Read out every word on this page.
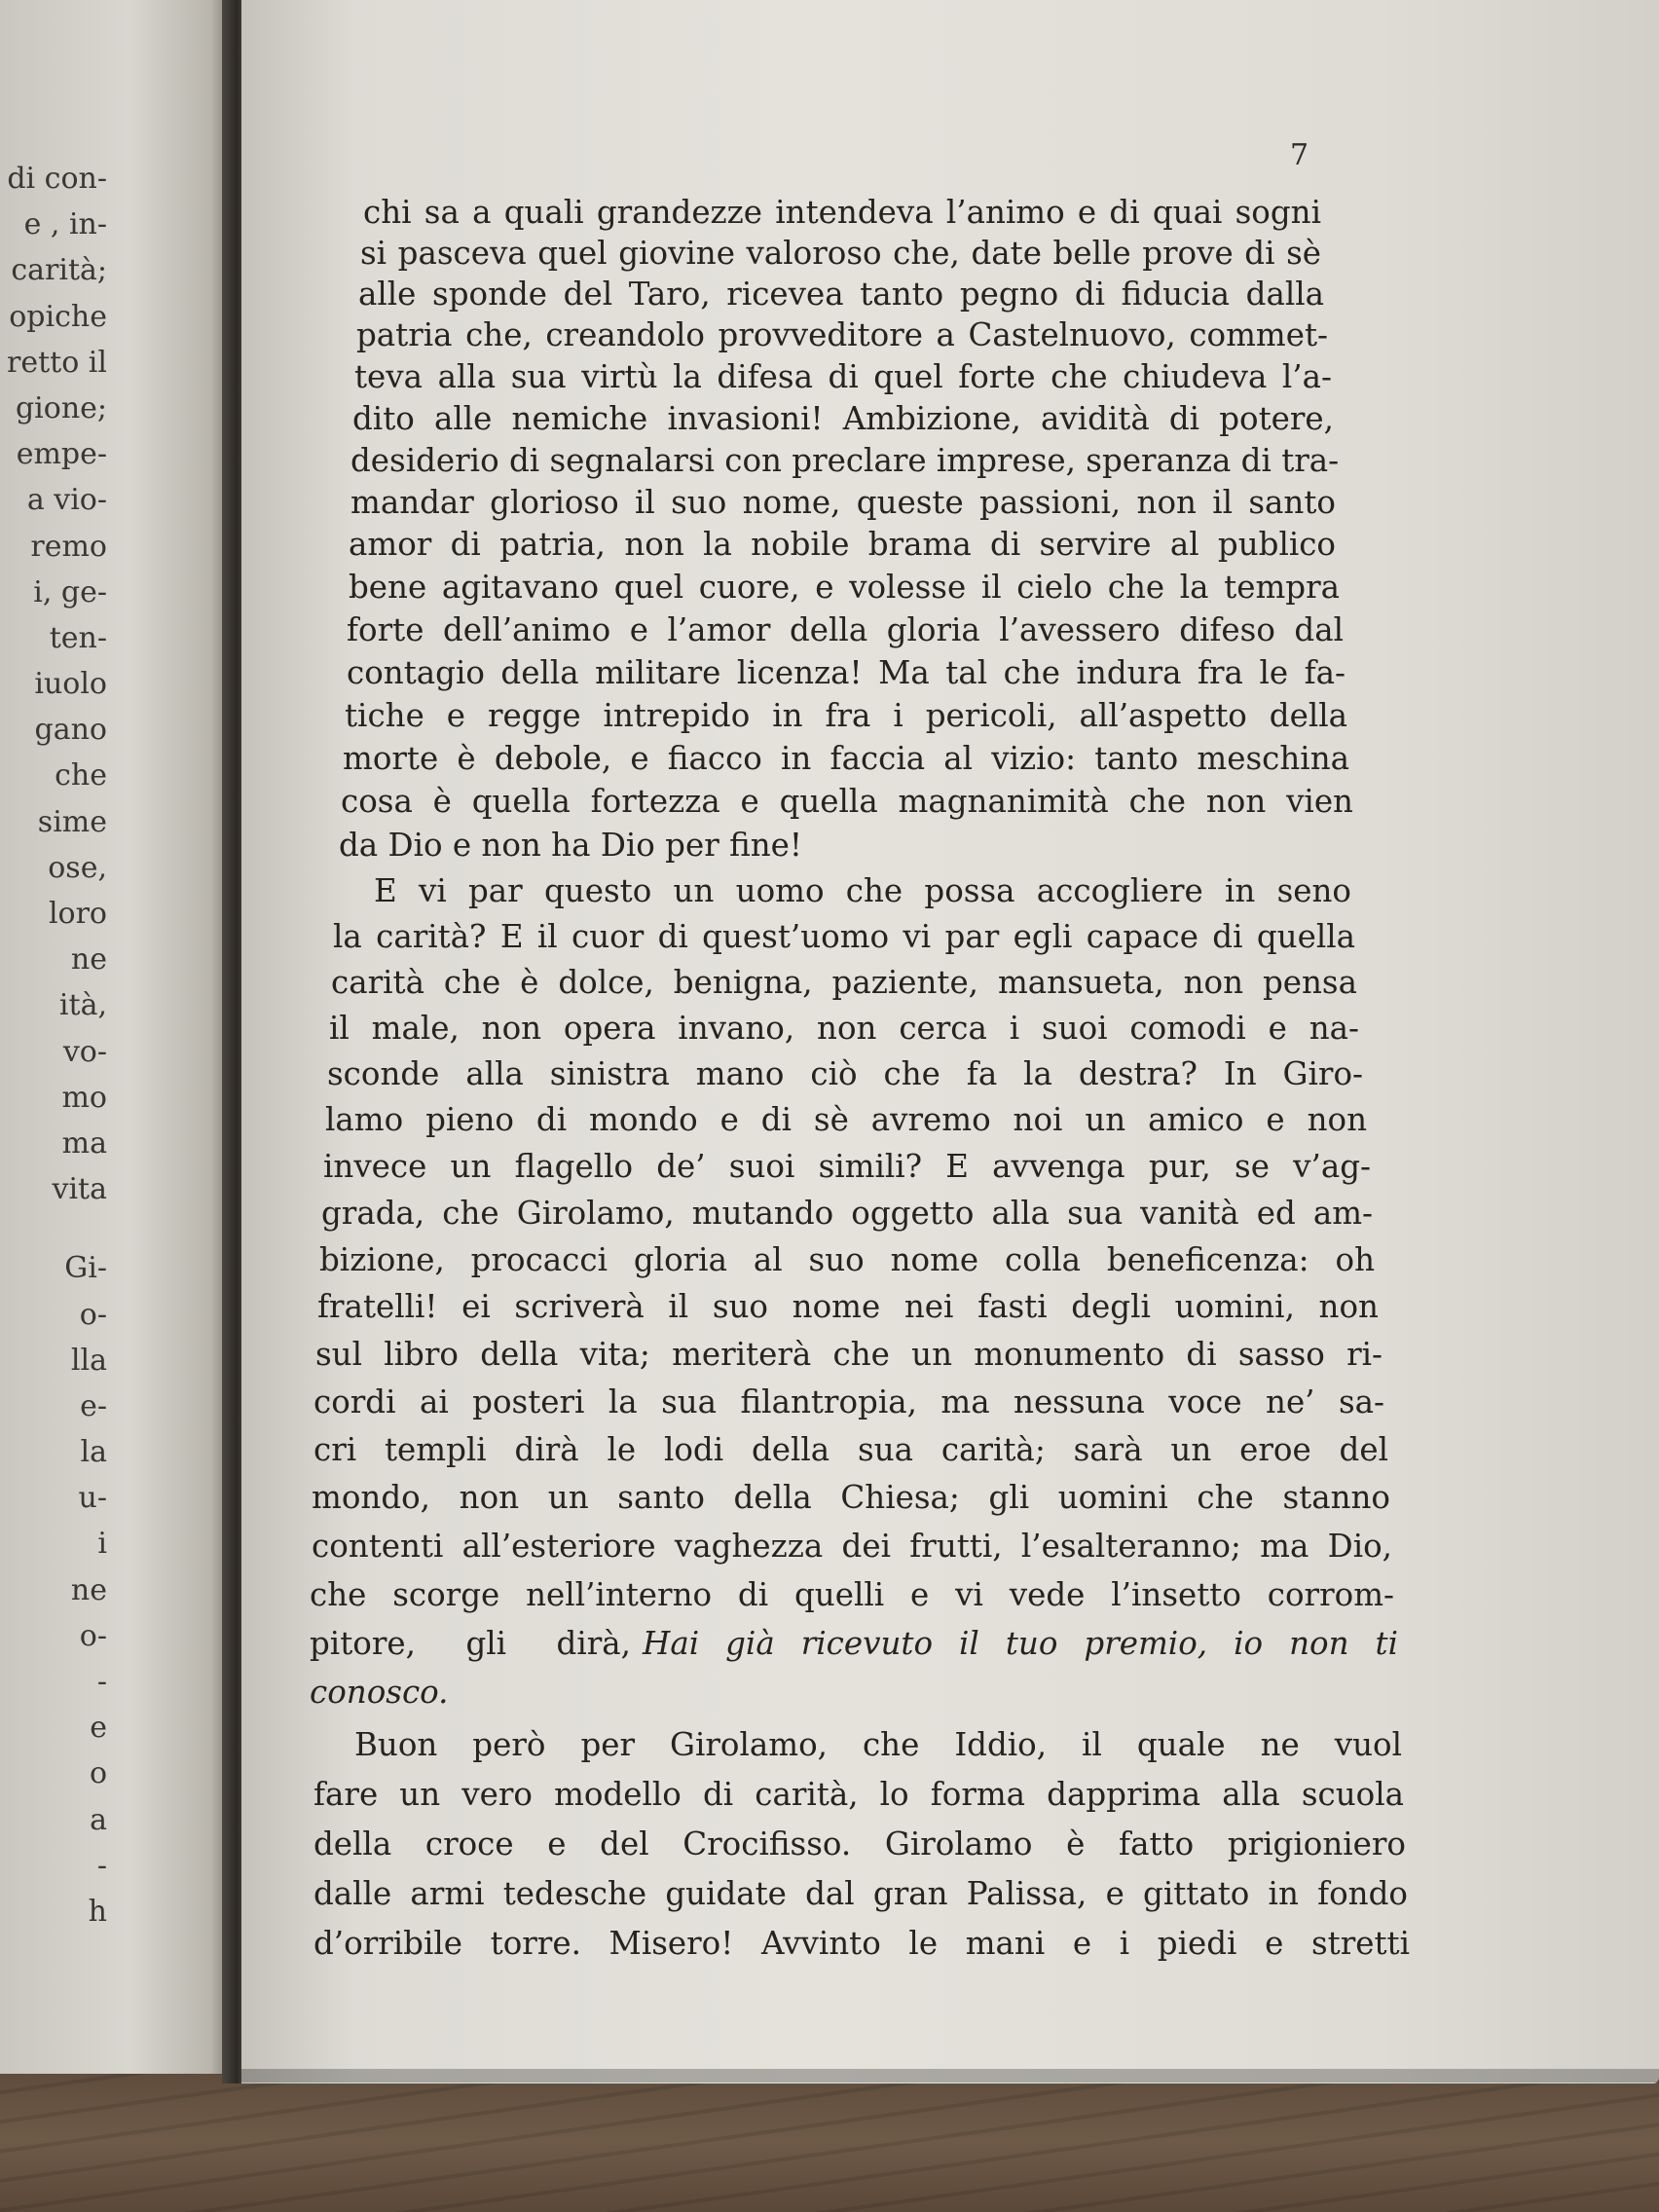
di con-
e , in-
carità;
opiche
retto il
gione;
empe-
a vio-
remo
i, ge-
ten-
iuolo
gano
che
sime
ose,
loro
ne
ità,
vo-
mo
ma
vita
Gi-
o-
lla
e-
la
u-
i
ne
o-
-
e
o
a
-
h
7
chi sa a quali grandezze intendeva l’animo e di quai sogni
si pasceva quel giovine valoroso che, date belle prove di sè
alle sponde del Taro, ricevea tanto pegno di fiducia dalla
patria che, creandolo provveditore a Castelnuovo, commet-
teva alla sua virtù la difesa di quel forte che chiudeva l’a-
dito alle nemiche invasioni! Ambizione, avidità di potere,
desiderio di segnalarsi con preclare imprese, speranza di tra-
mandar glorioso il suo nome, queste passioni, non il santo
amor di patria, non la nobile brama di servire al publico
bene agitavano quel cuore, e volesse il cielo che la tempra
forte dell’animo e l’amor della gloria l’avessero difeso dal
contagio della militare licenza! Ma tal che indura fra le fa-
tiche e regge intrepido in fra i pericoli, all’aspetto della
morte è debole, e fiacco in faccia al vizio: tanto meschina
cosa è quella fortezza e quella magnanimità che non vien
da Dio e non ha Dio per fine!
E vi par questo un uomo che possa accogliere in seno
la carità? E il cuor di quest’uomo vi par egli capace di quella
carità che è dolce, benigna, paziente, mansueta, non pensa
il male, non opera invano, non cerca i suoi comodi e na-
sconde alla sinistra mano ciò che fa la destra? In Giro-
lamo pieno di mondo e di sè avremo noi un amico e non
invece un flagello de’ suoi simili? E avvenga pur, se v’ag-
grada, che Girolamo, mutando oggetto alla sua vanità ed am-
bizione, procacci gloria al suo nome colla beneficenza: oh
fratelli! ei scriverà il suo nome nei fasti degli uomini, non
sul libro della vita; meriterà che un monumento di sasso ri-
cordi ai posteri la sua filantropia, ma nessuna voce ne’ sa-
cri templi dirà le lodi della sua carità; sarà un eroe del
mondo, non un santo della Chiesa; gli uomini che stanno
contenti all’esteriore vaghezza dei frutti, l’esalteranno; ma Dio,
che scorge nell’interno di quelli e vi vede l’insetto corrom-
pitore, gli dirà, Hai già ricevuto il tuo premio, io non ti
conosco.
Buon però per Girolamo, che Iddio, il quale ne vuol
fare un vero modello di carità, lo forma dapprima alla scuola
della croce e del Crocifisso. Girolamo è fatto prigioniero
dalle armi tedesche guidate dal gran Palissa, e gittato in fondo
d’orribile torre. Misero! Avvinto le mani e i piedi e stretti
